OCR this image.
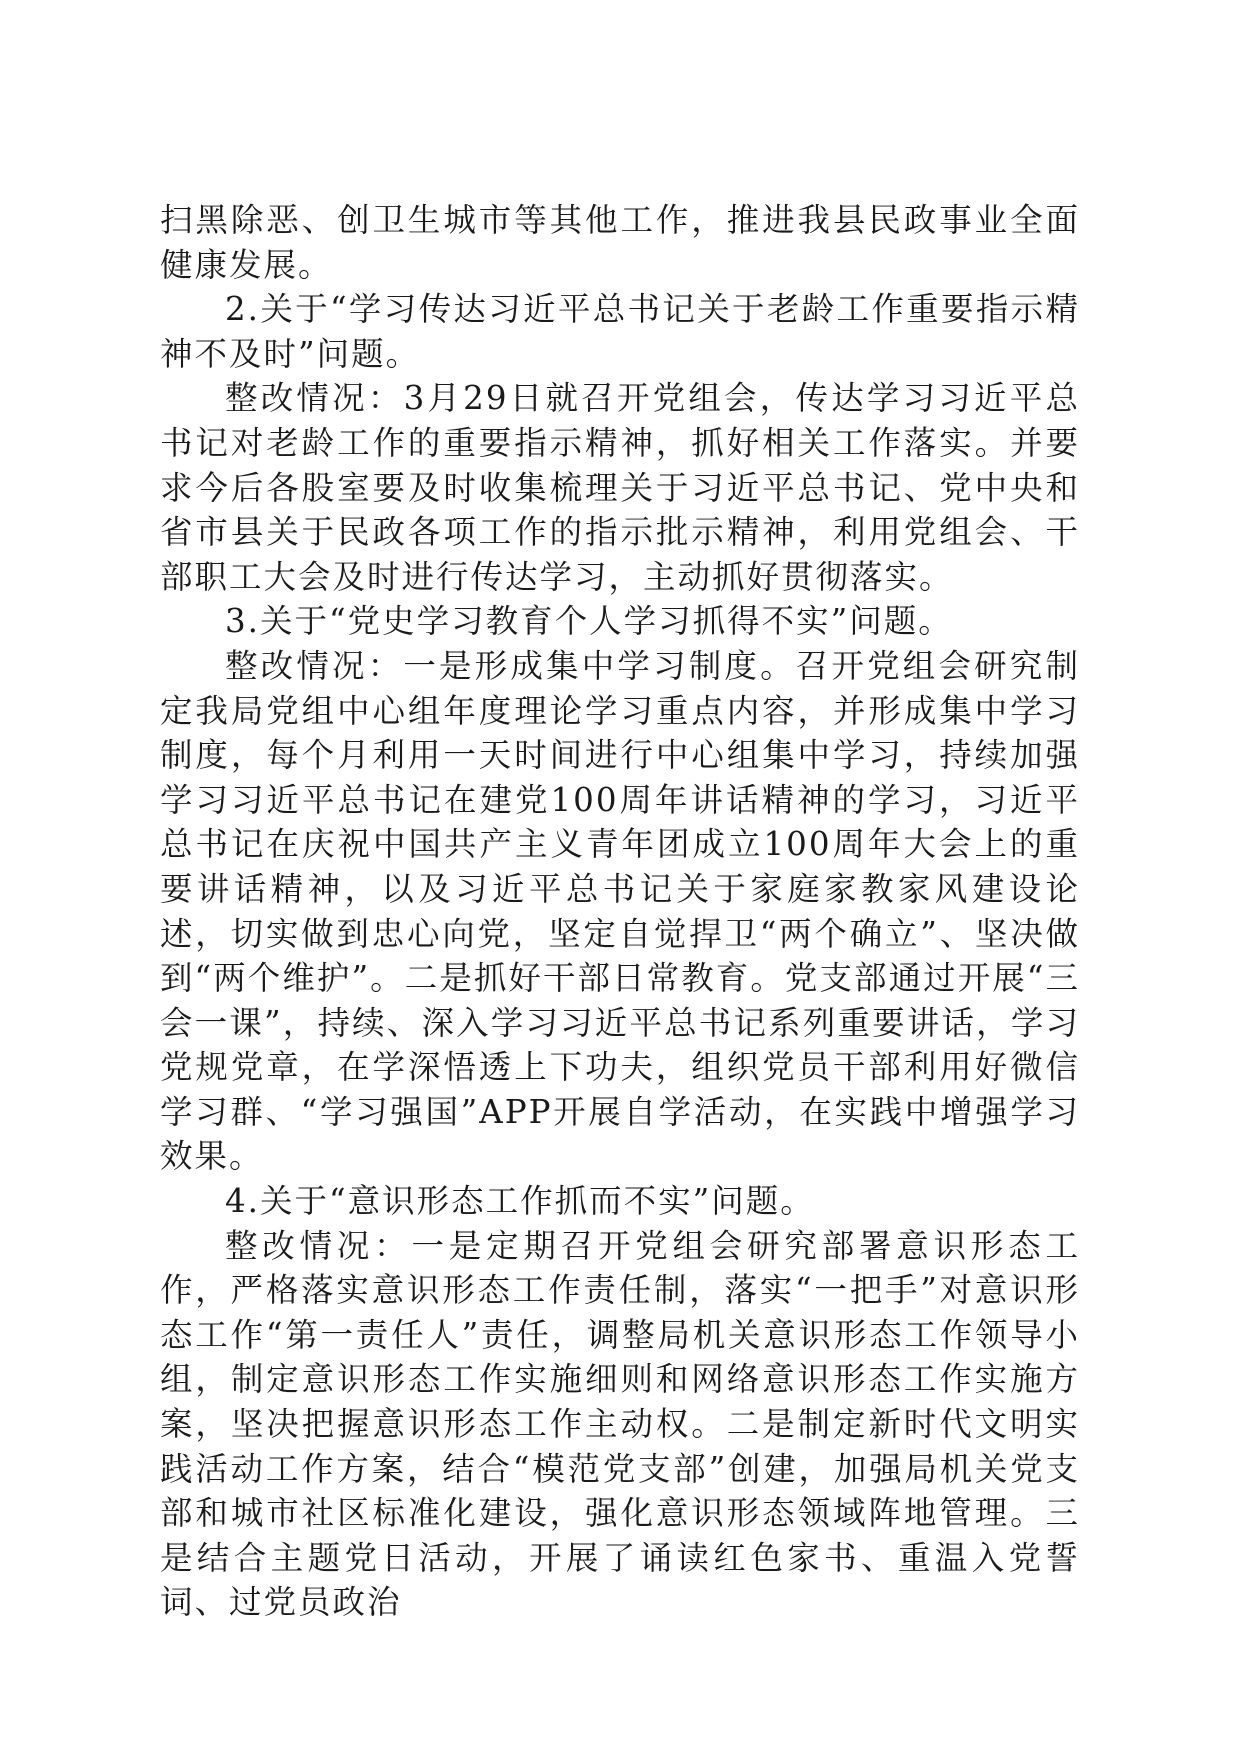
扫黑除恶、创卫生城市等其他工作，推进我县民政事业全面健康发展。

2.关于“学习传达习近平总书记关于老龄工作重要指示精神不及时”问题。

整改情况：3月29日就召开党组会，传达学习习近平总书记对老龄工作的重要指示精神，抓好相关工作落实。并要求今后各股室要及时收集梳理关于习近平总书记、党中央和省市县关于民政各项工作的指示批示精神，利用党组会、干部职工大会及时进行传达学习，主动抓好贯彻落实。

3.关于“党史学习教育个人学习抓得不实”问题。

整改情况：一是形成集中学习制度。召开党组会研究制定我局党组中心组年度理论学习重点内容，并形成集中学习制度，每个月利用一天时间进行中心组集中学习，持续加强学习习近平总书记在建党100周年讲话精神的学习，习近平总书记在庆祝中国共产主义青年团成立100周年大会上的重要讲话精神，以及习近平总书记关于家庭家教家风建设论述，切实做到忠心向党，坚定自觉捍卫“两个确立”、坚决做到“两个维护”。二是抓好干部日常教育。党支部通过开展“三会一课”，持续、深入学习习近平总书记系列重要讲话，学习党规党章，在学深悟透上下功夫，组织党员干部利用好微信学习群、“学习强国”APP开展自学活动，在实践中增强学习效果。

4.关于“意识形态工作抓而不实”问题。

整改情况：一是定期召开党组会研究部署意识形态工作，严格落实意识形态工作责任制，落实“一把手”对意识形态工作“第一责任人”责任，调整局机关意识形态工作领导小组，制定意识形态工作实施细则和网络意识形态工作实施方案，坚决把握意识形态工作主动权。二是制定新时代文明实践活动工作方案，结合“模范党支部”创建，加强局机关党支部和城市社区标准化建设，强化意识形态领域阵地管理。三是结合主题党日活动，开展了诵读红色家书、重温入党誓词、过党员政治
